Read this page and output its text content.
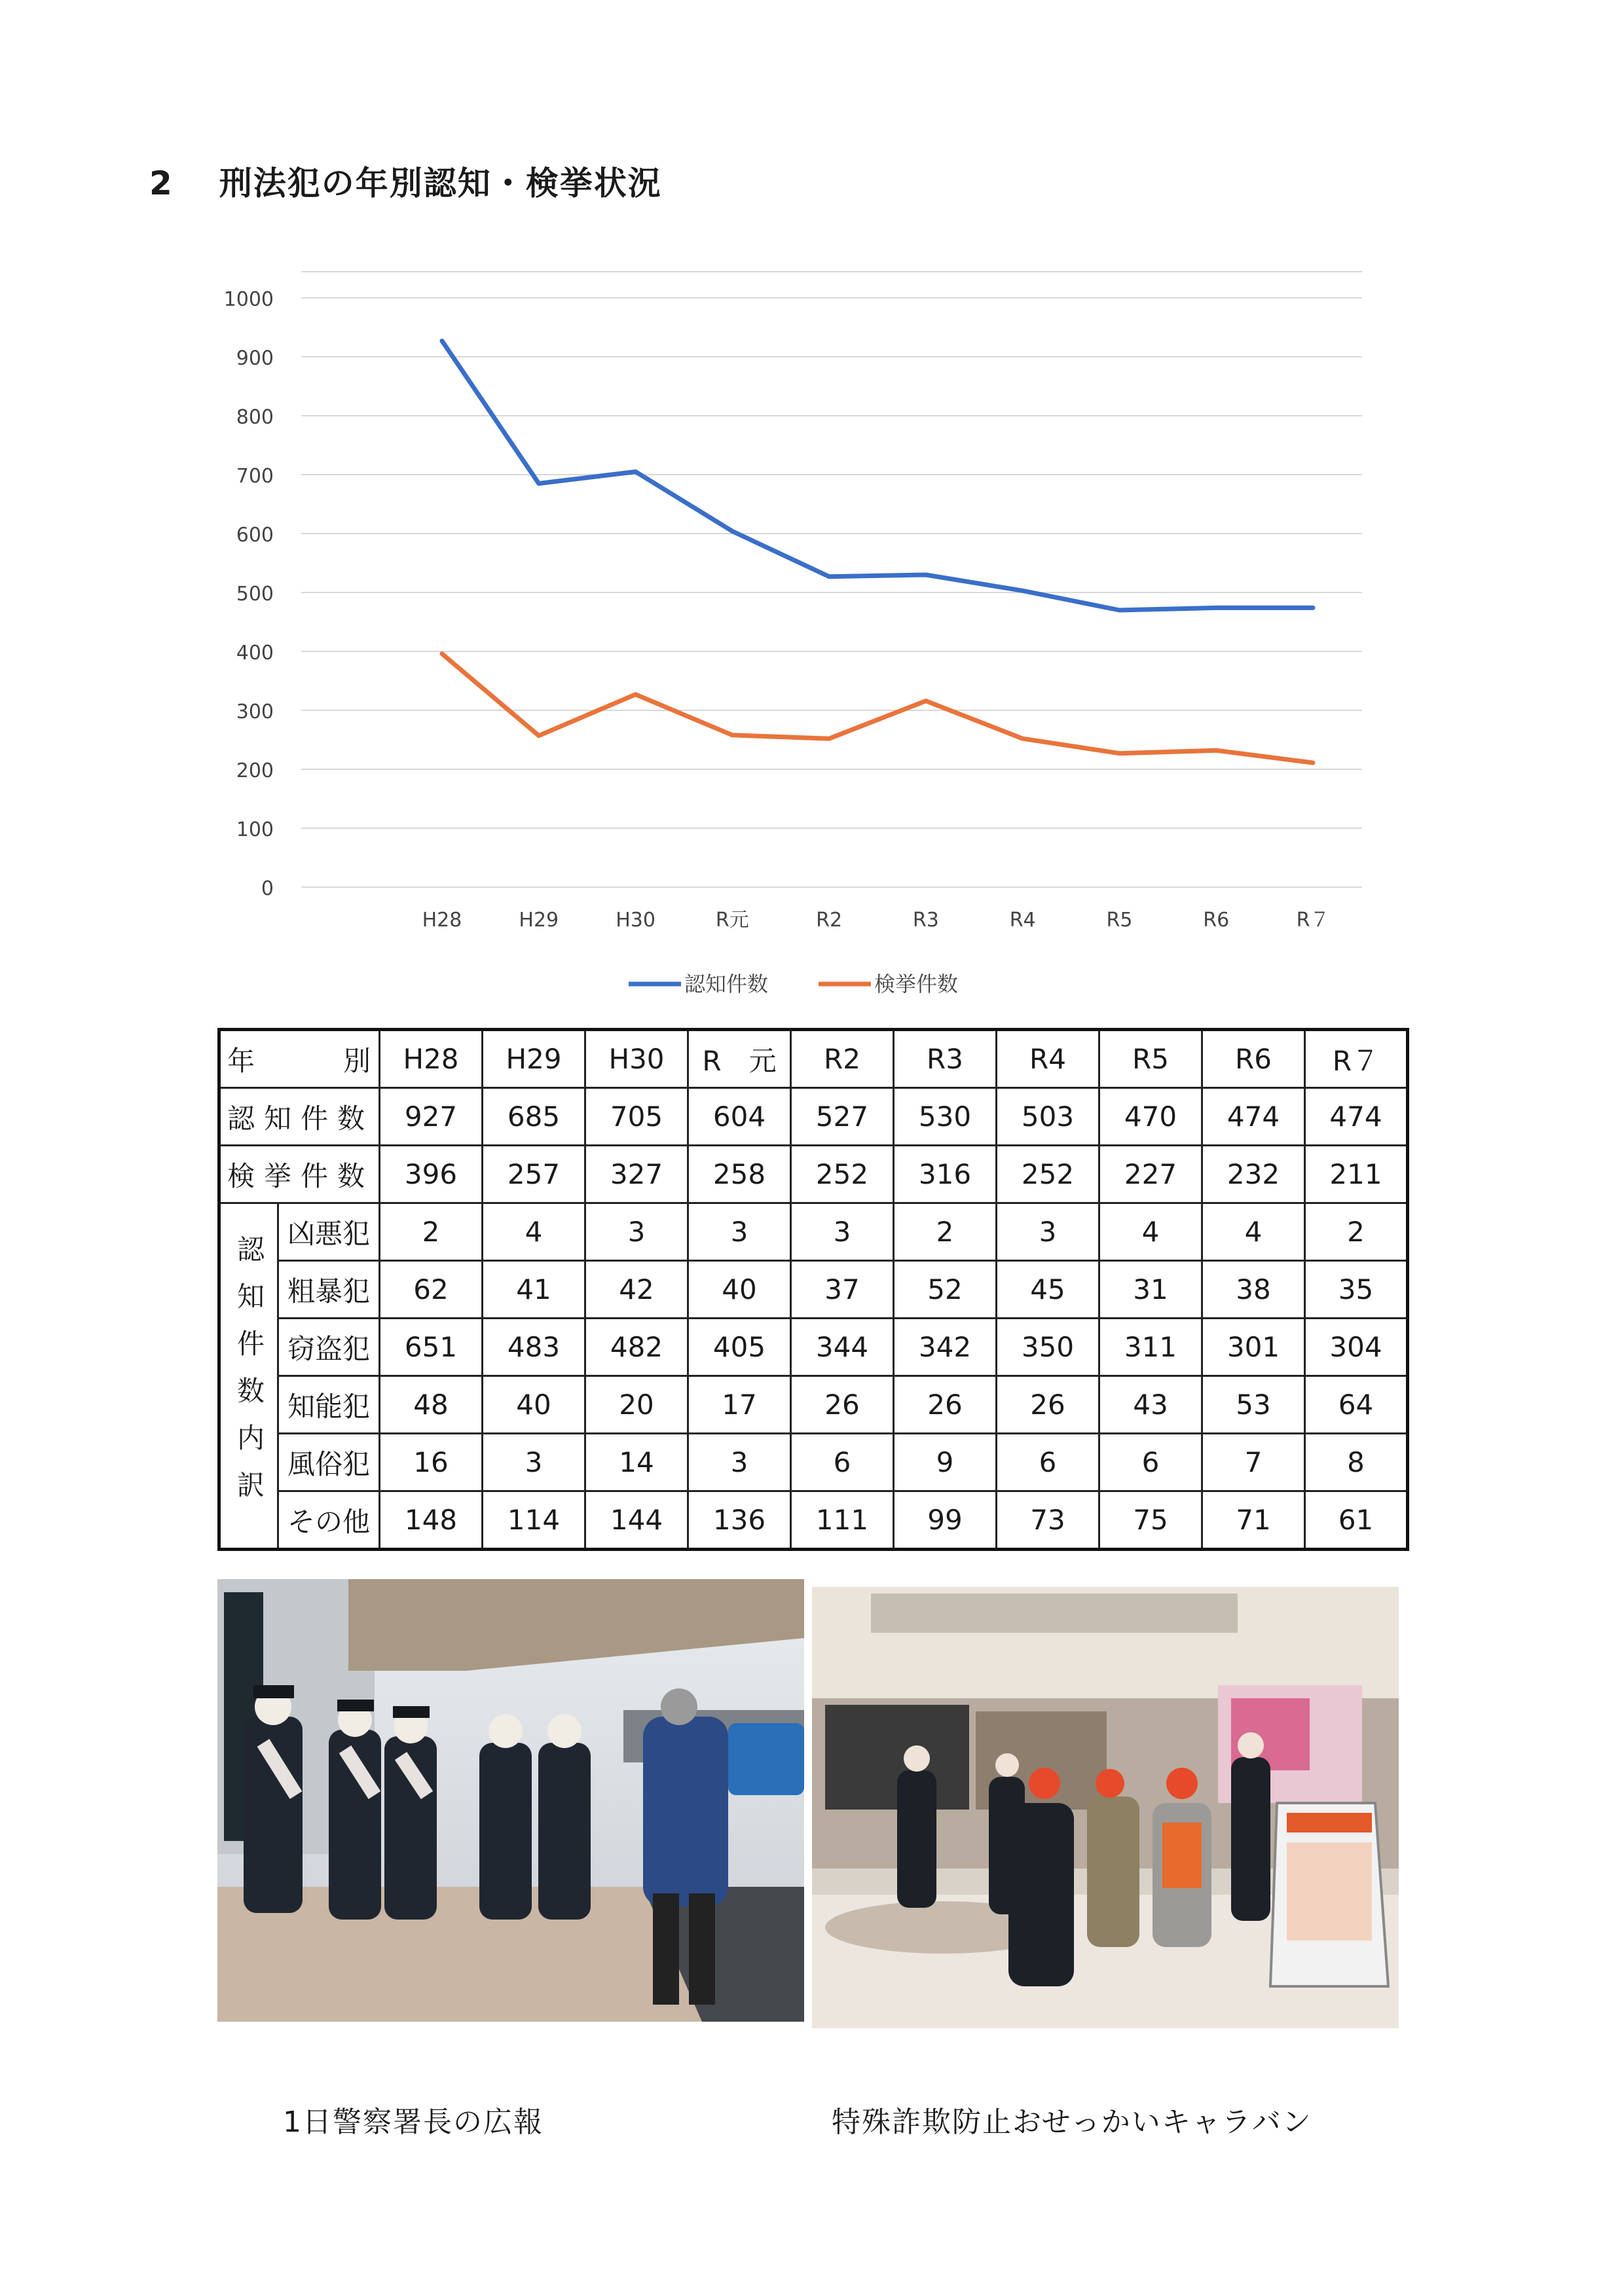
2 刑法犯の年別認知・検挙状況
0
100
200
300
400
500
600
700
800
900
1000
H28	H29	H30	R元	R2	R3	R4	R5	R6	R７
認知件数	検挙件数
年 別		H28	H29	H30	R　元	R2	R3	R4	R5	R6	R７
認知件数		927	685	705	604	527	530	503	470	474	474
検挙件数		396	257	327	258	252	316	252	227	232	211
認知件数内訳	凶悪犯	2	4	3	3	3	2	3	4	4	2
	粗暴犯	62	41	42	40	37	52	45	31	38	35
	窃盗犯	651	483	482	405	344	342	350	311	301	304
	知能犯	48	40	20	17	26	26	26	43	53	64
	風俗犯	16	3	14	3	6	9	6	6	7	8
	その他	148	114	144	136	111	99	73	75	71	61
1日警察署長の広報	特殊詐欺防止おせっかいキャラバン
